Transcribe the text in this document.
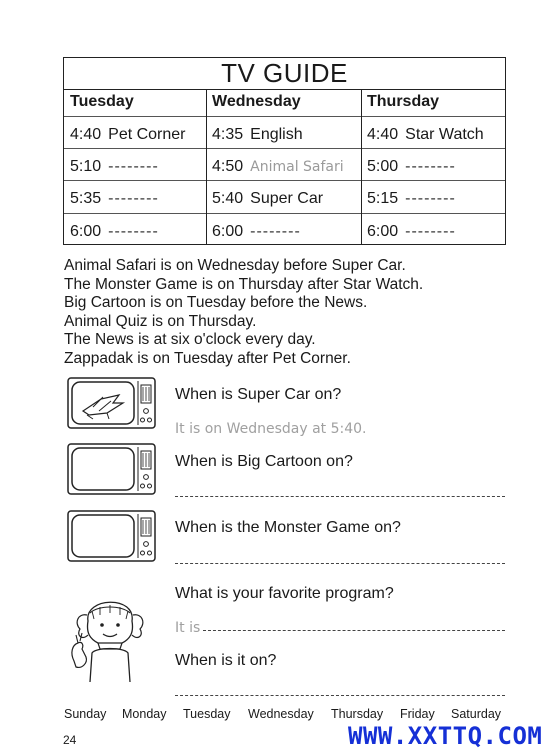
TV GUIDE
Tuesday
4:40 Pet Corner
5:10 --------
5:35 --------
6:00 --------
Wednesday
4:35 English
4:50 Animal Safari
5:40 Super Car
6:00 --------
Thursday
4:40 Star Watch
5:00 --------
5:15 --------
6:00 --------
Animal Safari is on Wednesday before Super Car.
The Monster Game is on Thursday after Star Watch.
Big Cartoon is on Tuesday before the News.
Animal Quiz is on Thursday.
The News is at six o'clock every day.
Zappadak is on Tuesday after Pet Corner.
When is Super Car on?
It is on Wednesday at 5:40.
When is Big Cartoon on?
When is the Monster Game on?
What is your favorite program?
It is
When is it on?
Sunday Monday Tuesday Wednesday Thursday Friday Saturday
24	WWW.XXTTQ.COM
